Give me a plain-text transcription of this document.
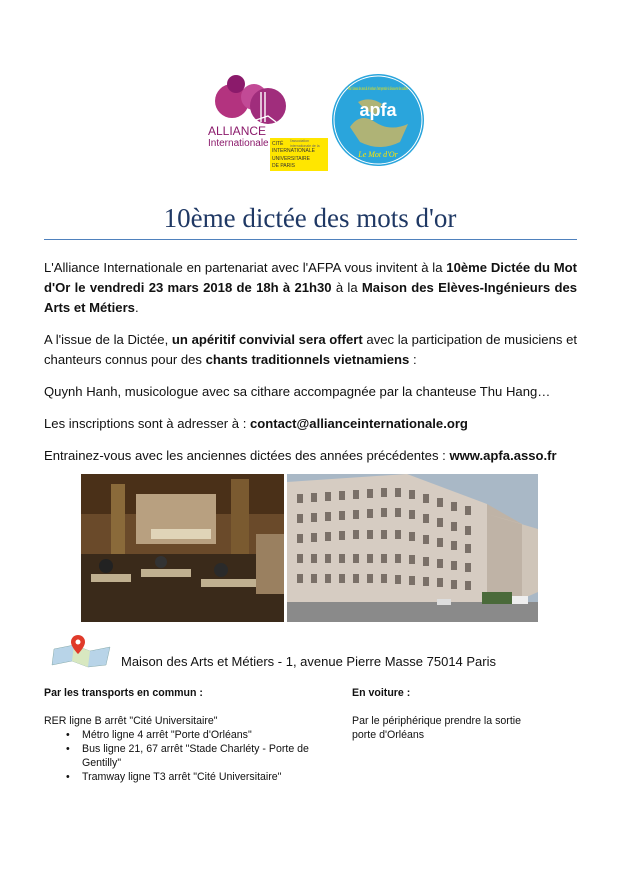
ALLIANCE
Internationale CITÉ
INTERNATIONALE
UNIVERSITAIRE
DE PARIS
l'association
internationale de la
apfa
Le Mot d'Or
Pour l'amour des mots & le bonheur d'entreprendre la découverte des cultures
10ème dictée des mots d'or
L'Alliance Internationale en partenariat avec l'AFPA vous invitent à la 10ème Dictée du Mot d'Or le vendredi 23 mars 2018 de 18h à 21h30 à la Maison des Elèves-Ingénieurs des Arts et Métiers.
A l'issue de la Dictée, un apéritif convivial sera offert avec la participation de musiciens et chanteurs connus pour des chants traditionnels vietnamiens :
Quynh Hanh, musicologue avec sa cithare accompagnée par la chanteuse Thu Hang…
Les inscriptions sont à adresser à : contact@allianceinternationale.org
Entrainez-vous avec les anciennes dictées des années précédentes : www.apfa.asso.fr
Maison des Arts et Métiers - 1, avenue Pierre Masse 75014 Paris
Par les transports en commun :
RER ligne B arrêt "Cité Universitaire"
• Métro ligne 4 arrêt "Porte d'Orléans"
• Bus ligne 21, 67 arrêt "Stade Charléty - Porte de Gentilly"
• Tramway ligne T3 arrêt "Cité Universitaire"
En voiture :
Par le périphérique prendre la sortie porte d'Orléans
